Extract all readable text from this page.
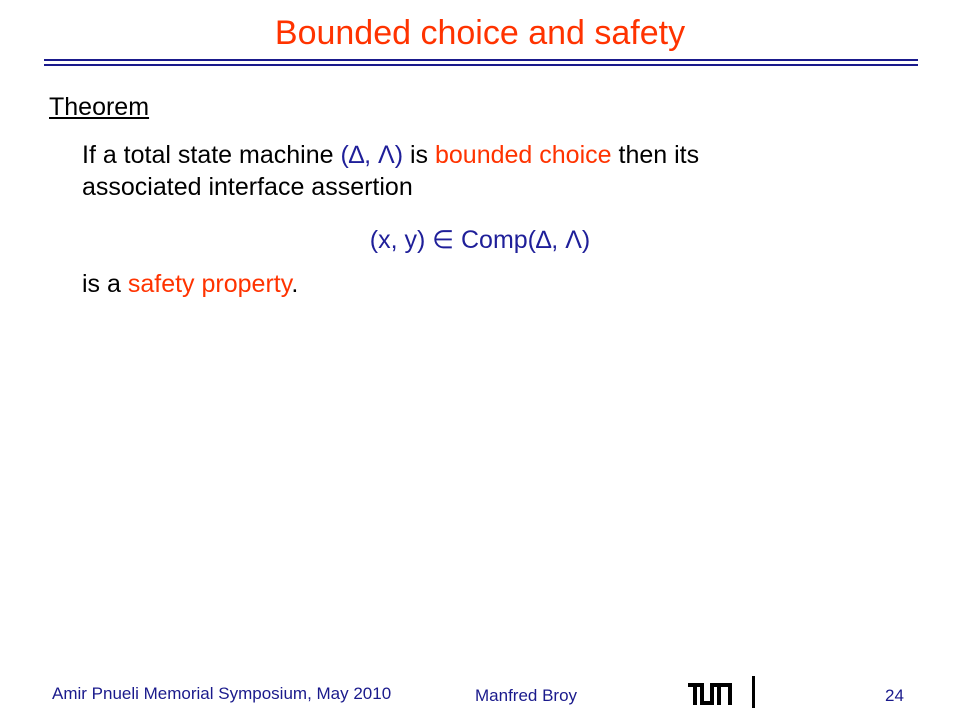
Bounded choice and safety
Theorem
If a total state machine (∆, Λ) is bounded choice then its
associated interface assertion
(x, y) ∈ Comp(∆, Λ)
is a safety property.
Amir Pnueli Memorial Symposium, May 2010	Manfred Broy	24
